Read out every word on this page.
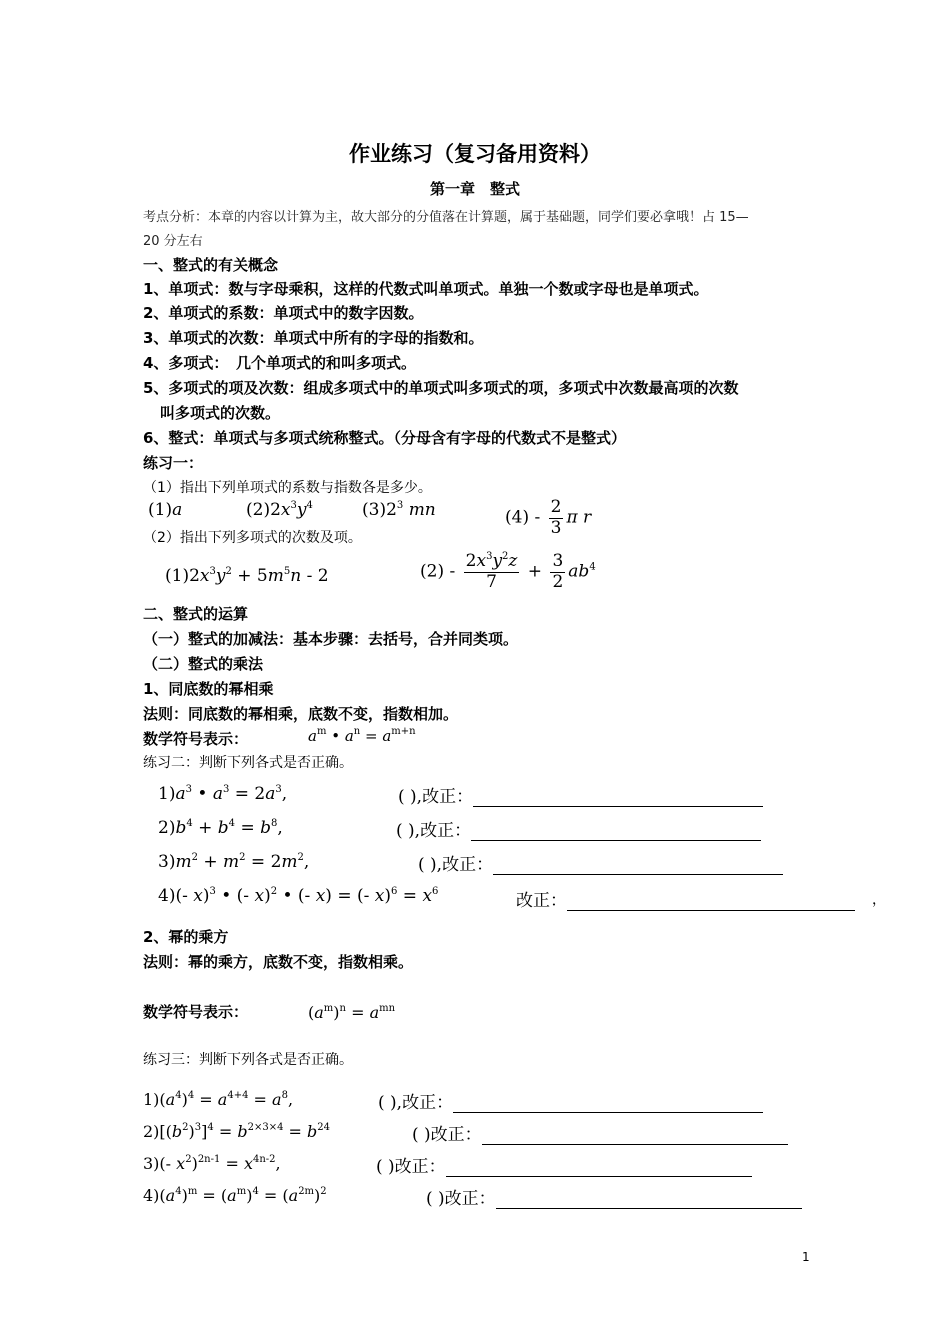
作业练习（复习备用资料）
第一章　整式
考点分析：本章的内容以计算为主，故大部分的分值落在计算题，属于基础题，同学们要必拿哦！占 15—
20 分左右
一、整式的有关概念
1、单项式：数与字母乘积，这样的代数式叫单项式。单独一个数或字母也是单项式。
2、单项式的系数：单项式中的数字因数。
3、单项式的次数：单项式中所有的字母的指数和。
4、多项式：　几个单项式的和叫多项式。
5、多项式的项及次数：组成多项式中的单项式叫多项式的项，多项式中次数最高项的次数
叫多项式的次数。
6、整式：单项式与多项式统称整式。（分母含有字母的代数式不是整式）
练习一：
（1）指出下列单项式的系数与指数各是多少。
(1)a	$(2)2x^3y^4$	$(3)2^3$ mn	$(4) - \frac{2}{3}$ π r
（2）指出下列多项式的次数及项。
$(1)2x^3y^2 + 5m^5n - 2$	$(2) - \frac{2x^3y^2z}{7} + \frac{3}{2} ab^4$
二、整式的运算
（一）整式的加减法：基本步骤：去括号，合并同类项。
（二）整式的乘法
1、同底数的幂相乘
法则：同底数的幂相乘，底数不变，指数相加。
数学符号表示：	$a^m$ • $a^n = a^{m+n}$
练习二：判断下列各式是否正确。
$1)a^3$ • $a^3 = 2a^3$,	( ),改正：
$2)b^4 + b^4 = b^8$,	( ),改正：
$3)m^2 + m^2 = 2m^2$,	( ),改正：
4)(- x)$^3$ • (- x)$^2$ • (- x) = (- $x)^6 = x^6$	改正：	，
2、幂的乘方
法则：幂的乘方，底数不变，指数相乘。
数学符号表示：	$(a^m)^n = a^{mn}$
练习三：判断下列各式是否正确。
$1)(a^4)^4 = a^{4+4} = a^8$,	( ),改正：
$2)[(b^2)^3]^4 = b^{2\times 3\times 4} = b^{24}$	( )改正：
3)(- $x^2)^{2n-1} = x^{4n-2}$,	( )改正：
$4)(a^4)^m = (a^m)^4 = (a^{2m})^2$	( )改正：
1
